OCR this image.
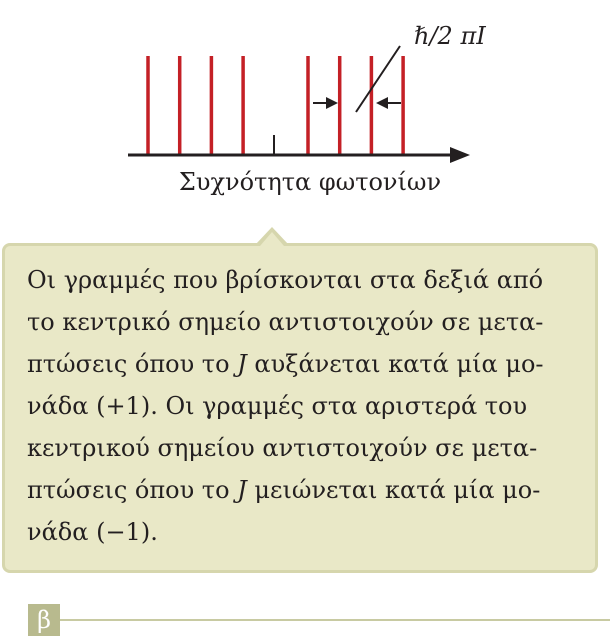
Συχνότητα φωτονίων
ℏ/2 πI
Οι γραμμές που βρίσκονται στα δεξιά από
το κεντρικό σημείο αντιστοιχούν σε μετα-
πτώσεις όπου το J αυξάνεται κατά μία μο-
νάδα (+1). Οι γραμμές στα αριστερά του
κεντρικού σημείου αντιστοιχούν σε μετα-
πτώσεις όπου το J μειώνεται κατά μία μο-
νάδα (−1).
β
